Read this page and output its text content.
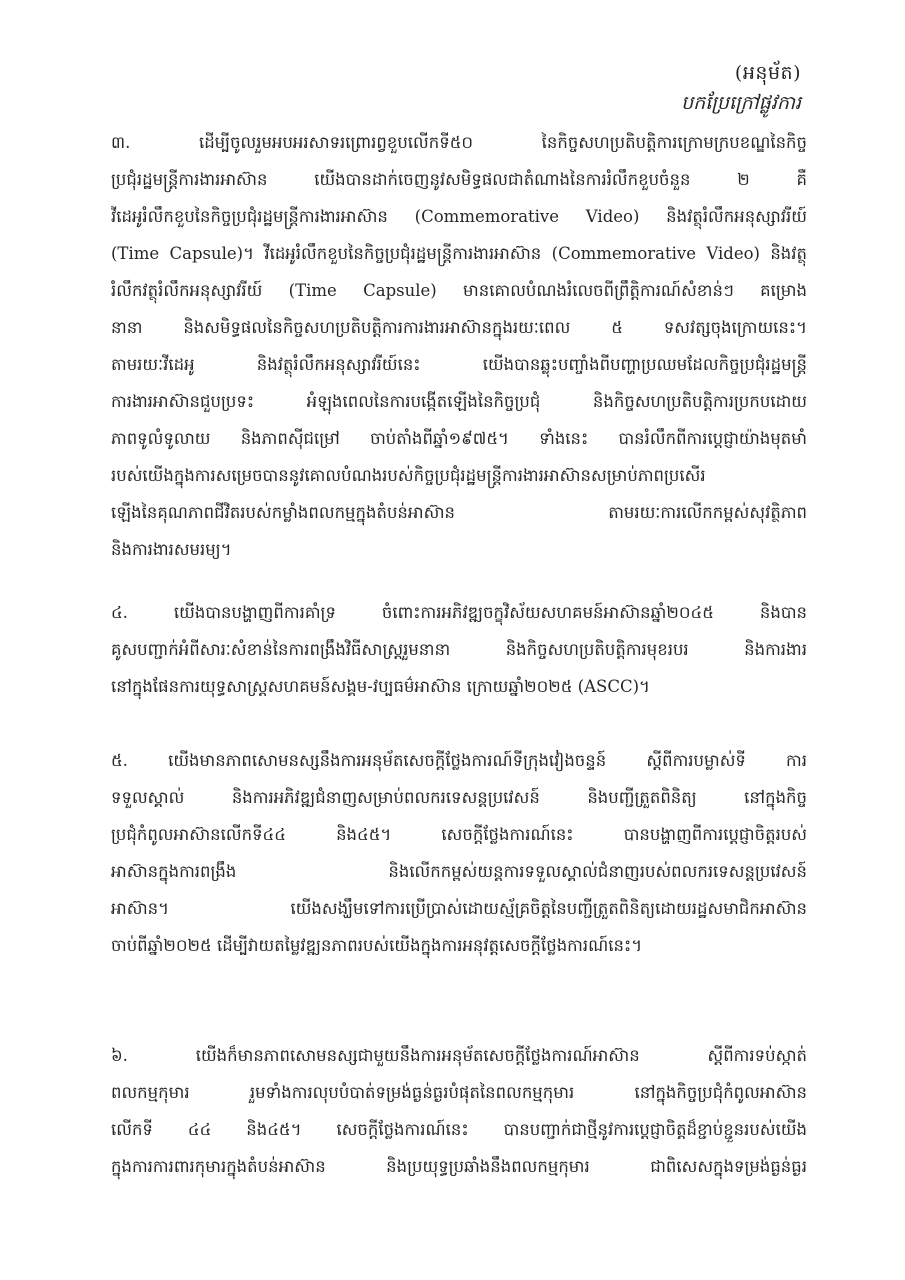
(អនុម័ត)
បកប្រែក្រៅផ្លូវការ
៣. ដើម្បីចូលរួមអបអរសាទរព្រោរព្វខួបលើកទី៥០ នៃកិច្ចសហប្រតិបត្តិការក្រោមក្របខណ្ឌនៃកិច្ច
ប្រជុំរដ្ឋមន្ត្រីការងារអាស៊ាន យើងបានដាក់ចេញនូវសមិទ្ធផលជាតំណាងនៃការរំលឹកខួបចំនួន ២ គឺ
វីដេអូរំលឹកខួបនៃកិច្ចប្រជុំរដ្ឋមន្ត្រីការងារអាស៊ាន (Commemorative Video) និងវត្ថុរំលឹកអនុស្សាវរីយ៍
(Time Capsule)។ វីដេអូរំលឹកខួបនៃកិច្ចប្រជុំរដ្ឋមន្ត្រីការងារអាស៊ាន (Commemorative Video) និងវត្ថុ
រំលឹកវត្ថុរំលឹកអនុស្សាវរីយ៍ (Time Capsule) មានគោលបំណងរំលេចពីព្រឹត្តិការណ៍សំខាន់ៗ គម្រោង
នានា និងសមិទ្ធផលនៃកិច្ចសហប្រតិបត្តិការការងារអាស៊ានក្នុងរយៈពេល ៥ ទសវត្សចុងក្រោយនេះ។
តាមរយៈវីដេអូ និងវត្ថុរំលឹកអនុស្សាវរីយ៍នេះ យើងបានឆ្លុះបញ្ចាំងពីបញ្ហាប្រឈមដែលកិច្ចប្រជុំរដ្ឋមន្ត្រី
ការងារអាស៊ានជួបប្រទះ អំឡុងពេលនៃការបង្កើតឡើងនៃកិច្ចប្រជុំ និងកិច្ចសហប្រតិបត្តិការប្រកបដោយ
ភាពទូលំទូលាយ និងភាពស៊ីជម្រៅ ចាប់តាំងពីឆ្នាំ១៩៧៥។ ទាំងនេះ បានរំលឹកពីការប្តេជ្ញាយ៉ាងមុតមាំ
របស់យើងក្នុងការសម្រេចបាននូវគោលបំណងរបស់កិច្ចប្រជុំរដ្ឋមន្ត្រីការងារអាស៊ានសម្រាប់ភាពប្រសើរ
ឡើងនៃគុណភាពជីវិតរបស់កម្លាំងពលកម្មក្នុងតំបន់អាស៊ាន តាមរយៈការលើកកម្ពស់សុវត្ថិភាព
និងការងារសមរម្យ។
៤. យើងបានបង្ហាញពីការគាំទ្រ ចំពោះការអភិវឌ្ឍចក្ខុវិស័យសហគមន៍អាស៊ានឆ្នាំ២០៤៥ និងបាន
គូសបញ្ជាក់អំពីសារៈសំខាន់នៃការពង្រឹងវិធីសាស្ត្ររួមនានា និងកិច្ចសហប្រតិបត្តិការមុខរបរ និងការងារ
នៅក្នុងផែនការយុទ្ធសាស្ត្រសហគមន៍សង្គម-វប្បធម៌អាស៊ាន ក្រោយឆ្នាំ២០២៥ (ASCC)។
៥. យើងមានភាពសោមនស្សនឹងការអនុម័តសេចក្តីថ្លែងការណ៍ទីក្រុងវៀងចន្ទន៍ ស្តីពីការបម្លាស់ទី ការ
ទទួលស្គាល់ និងការអភិវឌ្ឍជំនាញសម្រាប់ពលករទេសន្តប្រវេសន៍ និងបញ្ជីត្រួតពិនិត្យ នៅក្នុងកិច្ច
ប្រជុំកំពូលអាស៊ានលើកទី៤៤ និង៤៥។ សេចក្តីថ្លែងការណ៍នេះ បានបង្ហាញពីការប្តេជ្ញាចិត្តរបស់
អាស៊ានក្នុងការពង្រឹង និងលើកកម្ពស់យន្តការទទួលស្គាល់ជំនាញរបស់ពលករទេសន្តប្រវេសន៍
អាស៊ាន។ យើងសង្ឃឹមទៅការប្រើប្រាស់ដោយស្ម័គ្រចិត្តនៃបញ្ជីត្រួតពិនិត្យដោយរដ្ឋសមាជិកអាស៊ាន
ចាប់ពីឆ្នាំ២០២៥ ដើម្បីវាយតម្លៃវឌ្ឍនភាពរបស់យើងក្នុងការអនុវត្តសេចក្តីថ្លែងការណ៍នេះ។
៦. យើងក៏មានភាពសោមនស្សជាមួយនឹងការអនុម័តសេចក្តីថ្លែងការណ៍អាស៊ាន ស្តីពីការទប់ស្កាត់
ពលកម្មកុមារ រួមទាំងការលុបបំបាត់ទម្រង់ធ្ងន់ធ្ងរបំផុតនៃពលកម្មកុមារ នៅក្នុងកិច្ចប្រជុំកំពូលអាស៊ាន
លើកទី ៤៤ និង៤៥។ សេចក្តីថ្លែងការណ៍នេះ បានបញ្ជាក់ជាថ្មីនូវការប្តេជ្ញាចិត្តដ៏ខ្ជាប់ខ្ជួនរបស់យើង
ក្នុងការការពារកុមារក្នុងតំបន់អាស៊ាន និងប្រយុទ្ធប្រឆាំងនឹងពលកម្មកុមារ ជាពិសេសក្នុងទម្រង់ធ្ងន់ធ្ងរ
